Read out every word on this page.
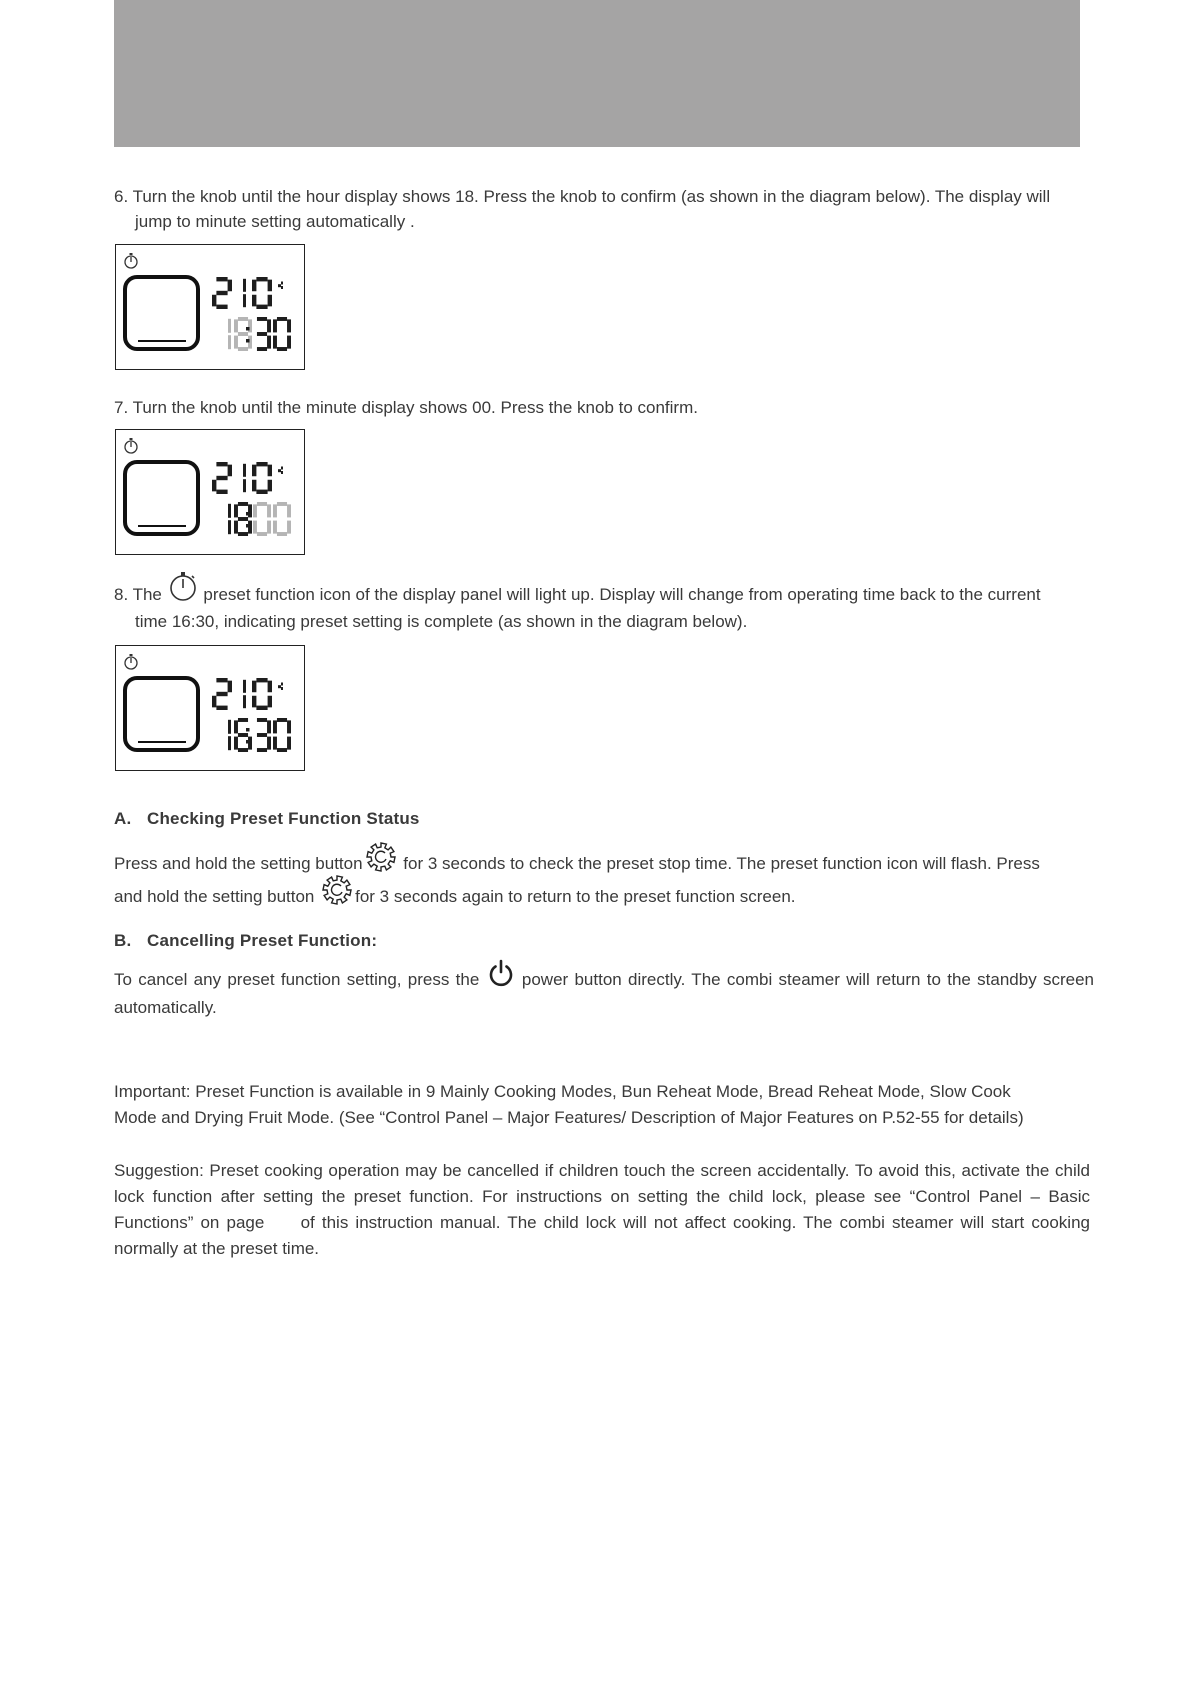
6. Turn the knob until the hour display shows 18. Press the knob to confirm (as shown in the diagram below). The display will
jump to minute setting automatically .

7. Turn the knob until the minute display shows 00. Press the knob to confirm.

8. The preset function icon of the display panel will light up. Display will change from operating time back to the current
time 16:30, indicating preset setting is complete (as shown in the diagram below).

A. Checking Preset Function Status

Press and hold the setting button for 3 seconds to check the preset stop time. The preset function icon will flash. Press
and hold the setting button for 3 seconds again to return to the preset function screen.

B. Cancelling Preset Function:

To cancel any preset function setting, press the	power button directly. The combi steamer will return to the standby screen automatically.

Important: Preset Function is available in 9 Mainly Cooking Modes, Bun Reheat Mode, Bread Reheat Mode, Slow Cook
Mode and Drying Fruit Mode. (See “Control Panel – Major Features/ Description of Major Features on P.52-55 for details)

Suggestion: Preset cooking operation may be cancelled if children touch the screen accidentally. To avoid this, activate the child lock function after setting the preset function. For instructions on setting the child lock, please see “Control Panel – Basic Functions” on page of this instruction manual. The child lock will not affect cooking. The combi steamer will start cooking normally at the preset time.
